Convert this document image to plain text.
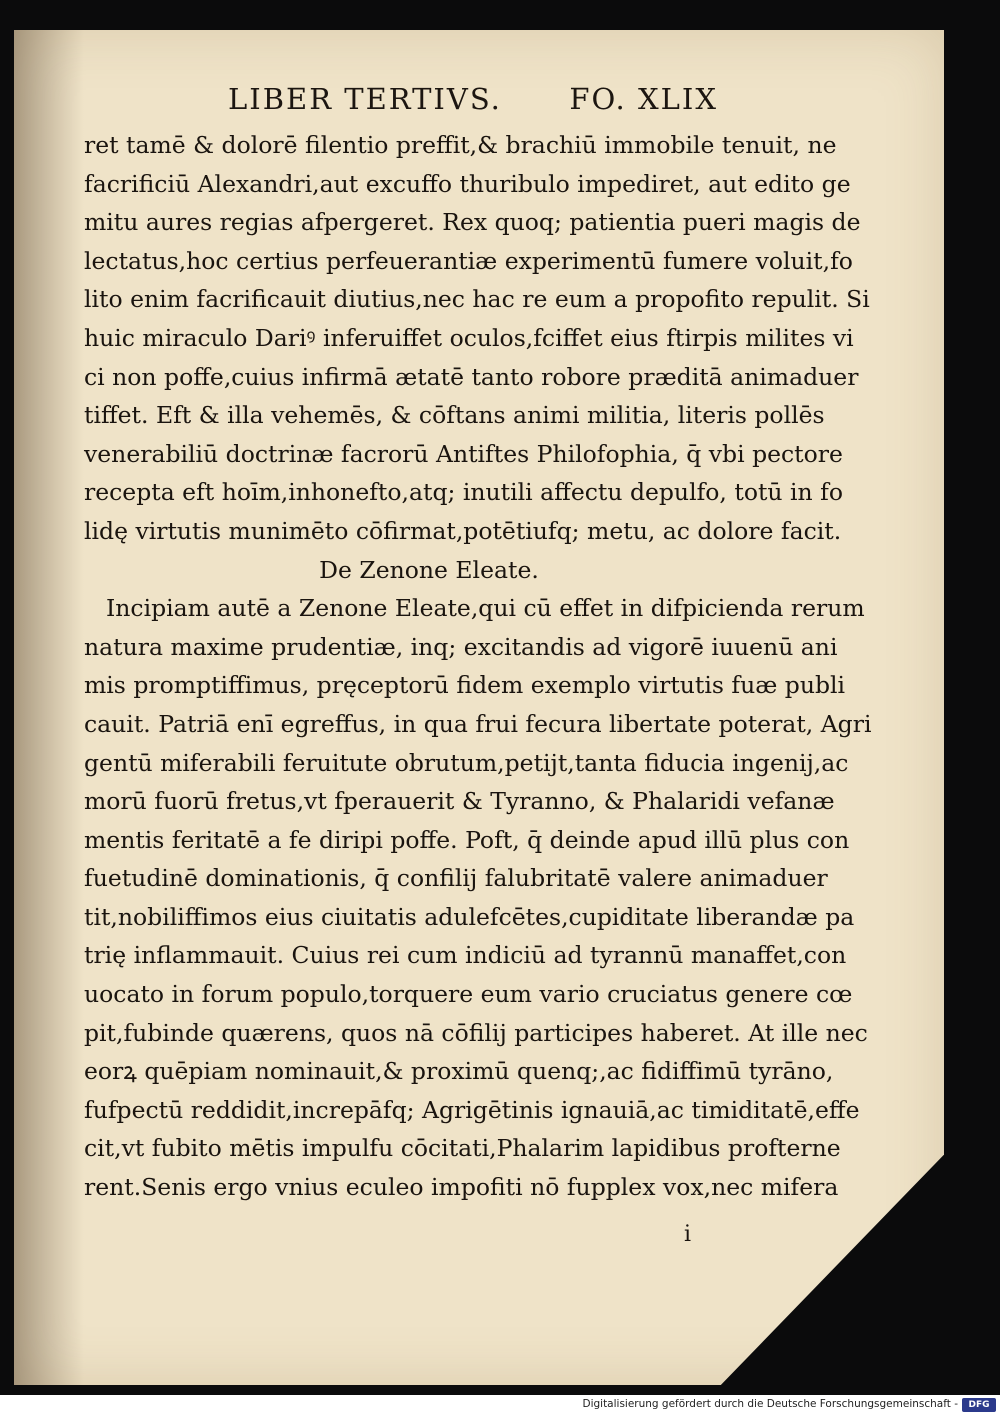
LIBER TERTIVS. FO. XLIX
ret tamē & dolorē filentio preffit,& brachiū immobile tenuit, ne
facrificiū Alexandri,aut excuffo thuribulo impediret, aut edito ge
mitu aures regias afpergeret. Rex quoq; patientia pueri magis de
lectatus,hoc certius perfeuerantiæ experimentū fumere voluit,fo
lito enim facrificauit diutius,nec hac re eum a propofito repulit. Si
huic miraculo Dariꝰ inferuiffet oculos,fciffet eius ftirpis milites vi
ci non poffe,cuius infirmā ætatē tanto robore præditā animaduer
tiffet. Eft & illa vehemēs, & cōftans animi militia, literis pollēs
venerabiliū doctrinæ facrorū Antiftes Philofophia, q̄ vbi pectore
recepta eft hoīm,inhonefto,atq; inutili affectu depulfo, totū in fo
lidę virtutis munimēto cōfirmat,potētiufq; metu, ac dolore facit.
De Zenone Eleate.
Incipiam autē a Zenone Eleate,qui cū effet in difpicienda rerum
natura maxime prudentiæ, inq; excitandis ad vigorē iuuenū ani
mis promptiffimus, pręceptorū fidem exemplo virtutis fuæ publi
cauit. Patriā enī egreffus, in qua frui fecura libertate poterat, Agri
gentū miferabili feruitute obrutum,petijt,tanta fiducia ingenij,ac
morū fuorū fretus,vt fperauerit & Tyranno, & Phalaridi vefanæ
mentis feritatē a fe diripi poffe. Poft, q̄ deinde apud illū plus con
fuetudinē dominationis, q̄ confilij falubritatē valere animaduer
tit,nobiliffimos eius ciuitatis adulefcētes,cupiditate liberandæ pa
trię inflammauit. Cuius rei cum indiciū ad tyrannū manaffet,con
uocato in forum populo,torquere eum vario cruciatus genere cœ
pit,fubinde quærens, quos nā cōfilij participes haberet. At ille nec
eorꝝ quēpiam nominauit,& proximū quenq;,ac fidiffimū tyrāno,
fufpectū reddidit,increpāfq; Agrigētinis ignauiā,ac timiditatē,effe
cit,vt fubito mētis impulfu cōcitati,Phalarim lapidibus profterne
rent.Senis ergo vnius eculeo impofiti nō fupplex vox,nec mifera
i
Digitalisierung gefördert durch die Deutsche Forschungsgemeinschaft -	DFG
